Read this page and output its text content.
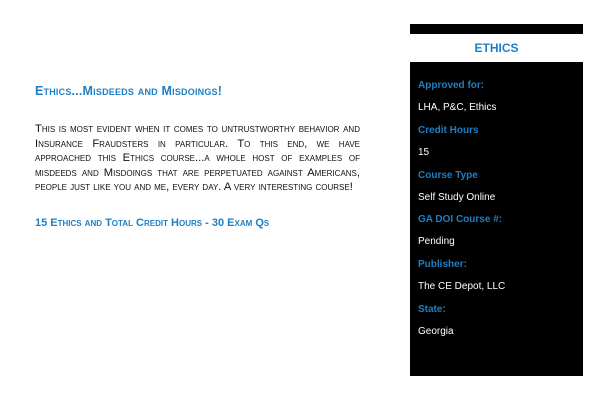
Ethics...Misdeeds and Misdoings!

This is most evident when it comes to untrustworthy behavior and Insurance Fraudsters in particular. To this end, we have approached this Ethics course...a whole host of examples of misdeeds and Misdoings that are perpetuated against Americans, people just like you and me, every day. A very interesting course!

15 Ethics and Total Credit Hours - 30 Exam Qs

ETHICS
Approved for:
LHA, P&C, Ethics
Credit Hours
15
Course Type
Self Study Online
GA DOI Course #:
Pending
Publisher:
The CE Depot, LLC
State:
Georgia
